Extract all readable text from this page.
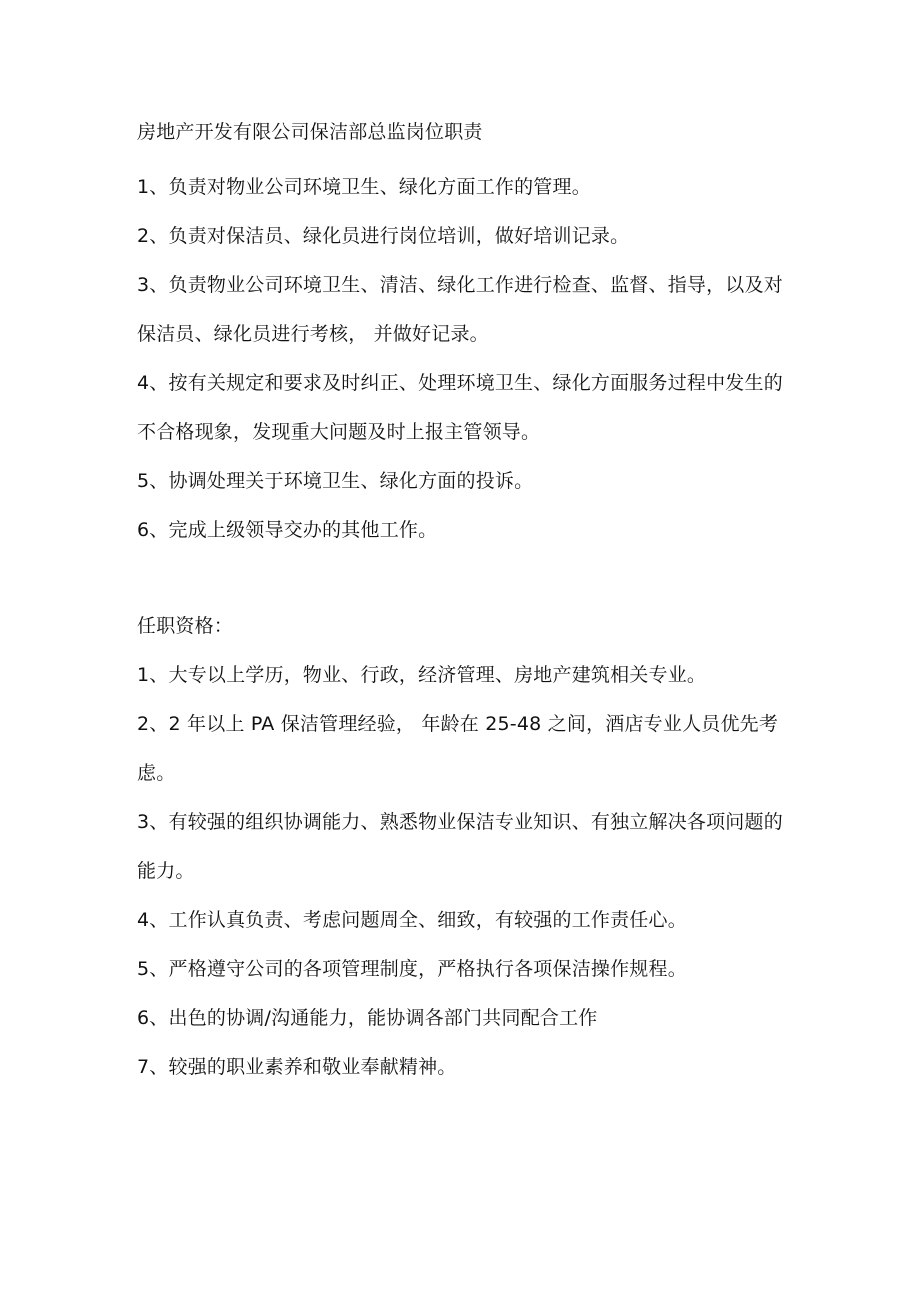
房地产开发有限公司保洁部总监岗位职责

1、负责对物业公司环境卫生、绿化方面工作的管理。

2、负责对保洁员、绿化员进行岗位培训，做好培训记录。

3、负责物业公司环境卫生、清洁、绿化工作进行检查、监督、指导，以及对保洁员、绿化员进行考核， 并做好记录。

4、按有关规定和要求及时纠正、处理环境卫生、绿化方面服务过程中发生的不合格现象，发现重大问题及时上报主管领导。

5、协调处理关于环境卫生、绿化方面的投诉。

6、完成上级领导交办的其他工作。

任职资格：

1、大专以上学历，物业、行政，经济管理、房地产建筑相关专业。

2、2 年以上 PA 保洁管理经验， 年龄在 25-48 之间，酒店专业人员优先考虑。

3、有较强的组织协调能力、熟悉物业保洁专业知识、有独立解决各项问题的能力。

4、工作认真负责、考虑问题周全、细致，有较强的工作责任心。

5、严格遵守公司的各项管理制度，严格执行各项保洁操作规程。

6、出色的协调/沟通能力，能协调各部门共同配合工作

7、较强的职业素养和敬业奉献精神。
